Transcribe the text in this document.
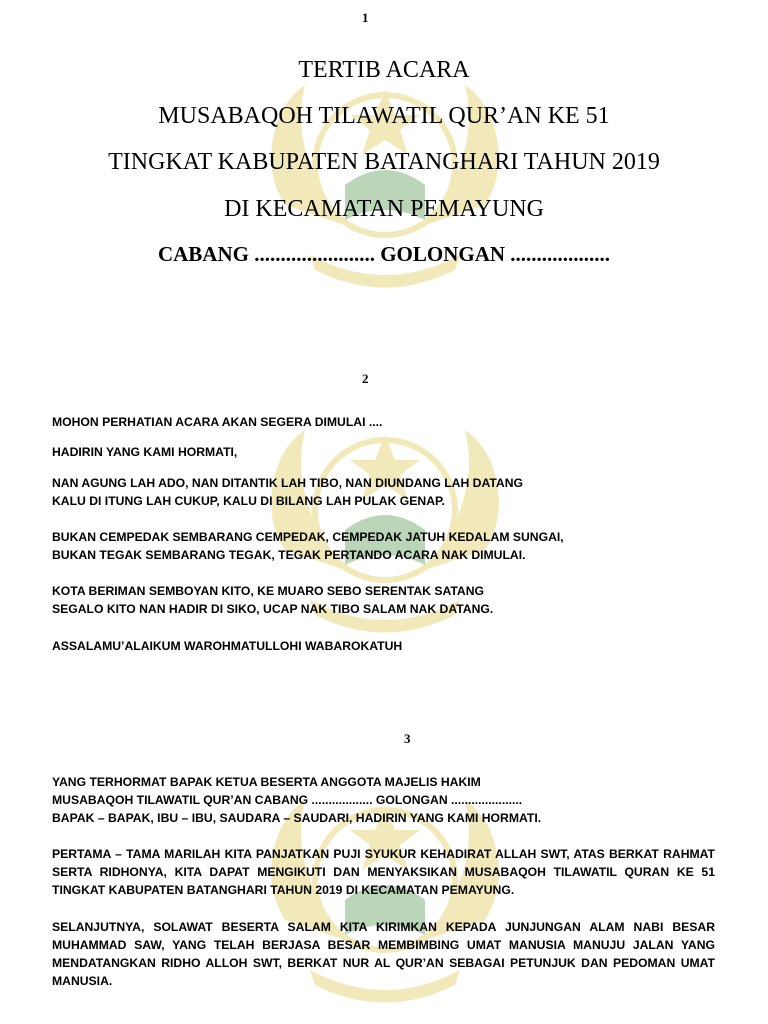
1
TERTIB ACARA
MUSABAQOH TILAWATIL QUR’AN KE 51
TINGKAT KABUPATEN BATANGHARI TAHUN 2019
DI KECAMATAN PEMAYUNG
CABANG ....................... GOLONGAN ...................
2
MOHON PERHATIAN ACARA AKAN SEGERA DIMULAI ....
HADIRIN YANG KAMI HORMATI,
NAN AGUNG LAH ADO, NAN DITANTIK LAH TIBO, NAN DIUNDANG LAH DATANG
KALU DI ITUNG LAH CUKUP, KALU DI BILANG LAH PULAK GENAP.
BUKAN CEMPEDAK SEMBARANG CEMPEDAK, CEMPEDAK JATUH KEDALAM SUNGAI,
BUKAN TEGAK SEMBARANG TEGAK, TEGAK PERTANDO ACARA NAK DIMULAI.
KOTA BERIMAN SEMBOYAN KITO, KE MUARO SEBO SERENTAK SATANG
SEGALO KITO NAN HADIR DI SIKO, UCAP NAK TIBO SALAM NAK DATANG.
ASSALAMU’ALAIKUM WAROHMATULLOHI WABAROKATUH
3
YANG TERHORMAT BAPAK KETUA BESERTA ANGGOTA MAJELIS HAKIM
MUSABAQOH TILAWATIL QUR’AN CABANG .................. GOLONGAN .....................
BAPAK – BAPAK, IBU – IBU, SAUDARA – SAUDARI, HADIRIN YANG KAMI HORMATI.
PERTAMA – TAMA MARILAH KITA PANJATKAN PUJI SYUKUR KEHADIRAT ALLAH SWT, ATAS BERKAT RAHMAT SERTA RIDHONYA, KITA DAPAT MENGIKUTI DAN MENYAKSIKAN MUSABAQOH TILAWATIL QURAN KE 51 TINGKAT KABUPATEN BATANGHARI TAHUN 2019 DI KECAMATAN PEMAYUNG.
SELANJUTNYA, SOLAWAT BESERTA SALAM KITA KIRIMKAN KEPADA JUNJUNGAN ALAM NABI BESAR MUHAMMAD SAW, YANG TELAH BERJASA BESAR MEMBIMBING UMAT MANUSIA MANUJU JALAN YANG MENDATANGKAN RIDHO ALLOH SWT, BERKAT NUR AL QUR’AN SEBAGAI PETUNJUK DAN PEDOMAN UMAT MANUSIA.
